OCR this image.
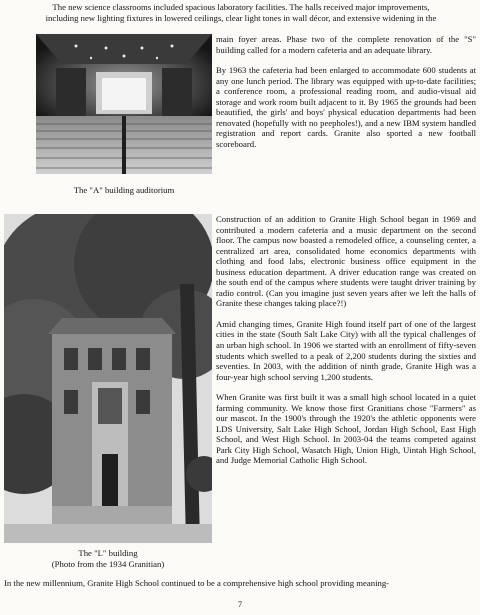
The new science classrooms included spacious laboratory facilities. The halls received major improvements,
including new lighting fixtures in lowered ceilings, clear light tones in wall décor, and extensive widening in the
The "A" building auditorium

main foyer areas. Phase two of the complete renovation of the "S" building called for a modern cafeteria and an adequate library.

By 1963 the cafeteria had been enlarged to accommodate 600 students at any one lunch period. The library was equipped with up-to-date facilities; a conference room, a professional reading room, and audio-visual aid storage and work room built adjacent to it. By 1965 the grounds had been beautified, the girls' and boys' physical education departments had been renovated (hopefully with no peepholes!), and a new IBM system handled registration and report cards. Granite also sported a new football scoreboard.

The "L" building
(Photo from the 1934 Granitian)

Construction of an addition to Granite High School began in 1969 and contributed a modern cafeteria and a music department on the second floor. The campus now boasted a remodeled office, a counseling center, a centralized art area, consolidated home economics departments with clothing and food labs, electronic business office equipment in the business education department. A driver education range was created on the south end of the campus where students were taught driver training by radio control. (Can you imagine just seven years after we left the halls of Granite these changes taking place?!)

Amid changing times, Granite High found itself part of one of the largest cities in the state (South Salt Lake City) with all the typical challenges of an urban high school. In 1906 we started with an enrollment of fifty-seven students which swelled to a peak of 2,200 students during the sixties and seventies. In 2003, with the addition of ninth grade, Granite High was a four-year high school serving 1,200 students.

When Granite was first built it was a small high school located in a quiet farming community. We know those first Granitians chose "Farmers" as our mascot. In the 1900's through the 1920's the athletic opponents were LDS University, Salt Lake High School, Jordan High School, East High School, and West High School. In 2003-04 the teams competed against Park City High School, Wasatch High, Union High, Uintah High School, and Judge Memorial Catholic High School.

In the new millennium, Granite High School continued to be a comprehensive high school providing meaning-
7
